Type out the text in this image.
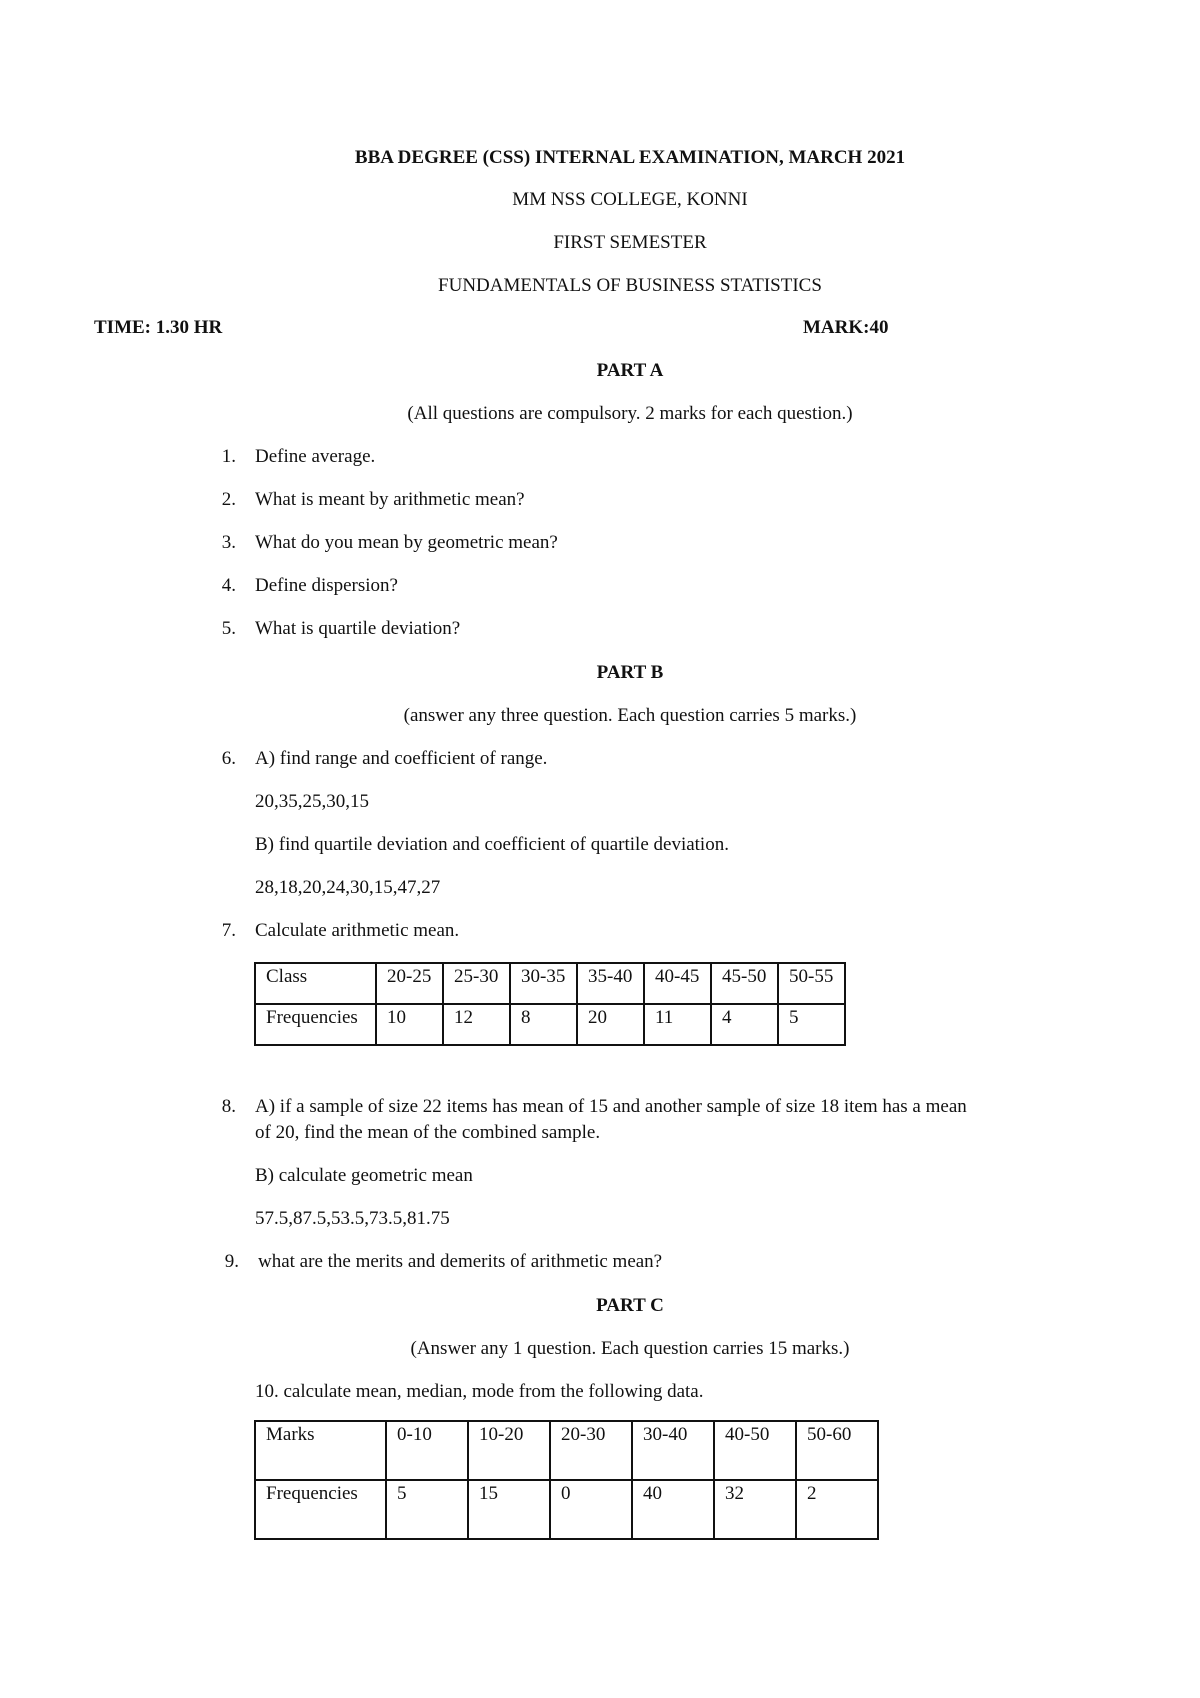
BBA DEGREE (CSS) INTERNAL EXAMINATION, MARCH 2021
MM NSS COLLEGE, KONNI
FIRST SEMESTER
FUNDAMENTALS OF BUSINESS STATISTICS
TIME: 1.30 HR	MARK:40
PART A
(All questions are compulsory. 2 marks for each question.)
1. Define average.
2. What is meant by arithmetic mean?
3. What do you mean by geometric mean?
4. Define dispersion?
5. What is quartile deviation?
PART B
(answer any three question. Each question carries 5 marks.)
6. A) find range and coefficient of range.
20,35,25,30,15
B) find quartile deviation and coefficient of quartile deviation.
28,18,20,24,30,15,47,27
7. Calculate arithmetic mean.
Class	20-25	25-30	30-35	35-40	40-45	45-50	50-55
Frequencies	10	12	8	20	11	4	5
8. A) if a sample of size 22 items has mean of 15 and another sample of size 18 item has a mean
of 20, find the mean of the combined sample.
B) calculate geometric mean
57.5,87.5,53.5,73.5,81.75
9. what are the merits and demerits of arithmetic mean?
PART C
(Answer any 1 question. Each question carries 15 marks.)
10. calculate mean, median, mode from the following data.
Marks	0-10	10-20	20-30	30-40	40-50	50-60
Frequencies	5	15	0	40	32	2
